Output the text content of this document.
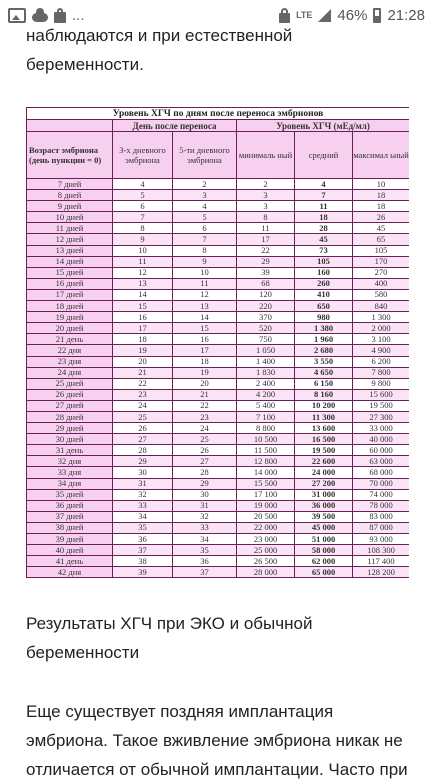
...	LTE 46% 21:28
наблюдаются и при естественной
беременности.
Уровень ХГЧ по дням после переноса эмбрионов					
	День после переноса		Уровень ХГЧ (мЕд/мл)		
Возраст эмбриона (день пункции = 0)	3-х дневного эмбриона	5-ти дневного эмбриона	минималь ный	средний	максимал ьный
7 дней	4	2	2	4	10
8 дней	5	3	3	7	18
9 дней	6	4	3	11	18
10 дней	7	5	8	18	26
11 дней	8	6	11	28	45
12 дней	9	7	17	45	65
13 дней	10	8	22	73	105
14 дней	11	9	29	105	170
15 дней	12	10	39	160	270
16 дней	13	11	68	260	400
17 дней	14	12	120	410	580
18 дней	15	13	220	650	840
19 дней	16	14	370	980	1 300
20 дней	17	15	520	1 380	2 000
21 день	18	16	750	1 960	3 100
22 дня	19	17	1 050	2 680	4 900
23 дня	20	18	1 400	3 550	6 200
24 дня	21	19	1 830	4 650	7 800
25 дней	22	20	2 400	6 150	9 800
26 дней	23	21	4 200	8 160	15 600
27 дней	24	22	5 400	10 200	19 500
28 дней	25	23	7 100	11 300	27 300
29 дней	26	24	8 800	13 600	33 000
30 дней	27	25	10 500	16 500	40 000
31 день	28	26	11 500	19 500	60 000
32 дня	29	27	12 800	22 600	63 000
33 дня	30	28	14 000	24 000	68 000
34 дня	31	29	15 500	27 200	70 000
35 дней	32	30	17 100	31 000	74 000
36 дней	33	31	19 000	36 000	78 000
37 дней	34	32	20 500	39 500	83 000
38 дней	35	33	22 000	45 000	87 000
39 дней	36	34	23 000	51 000	93 000
40 дней	37	35	25 000	58 000	108 300
41 день	38	36	26 500	62 000	117 400
42 дня	39	37	28 000	65 000	128 200
Результаты ХГЧ при ЭКО и обычной
беременности
Еще существует поздняя имплантация
эмбриона. Такое вживление эмбриона никак не
отличается от обычной имплантации. Часто при
